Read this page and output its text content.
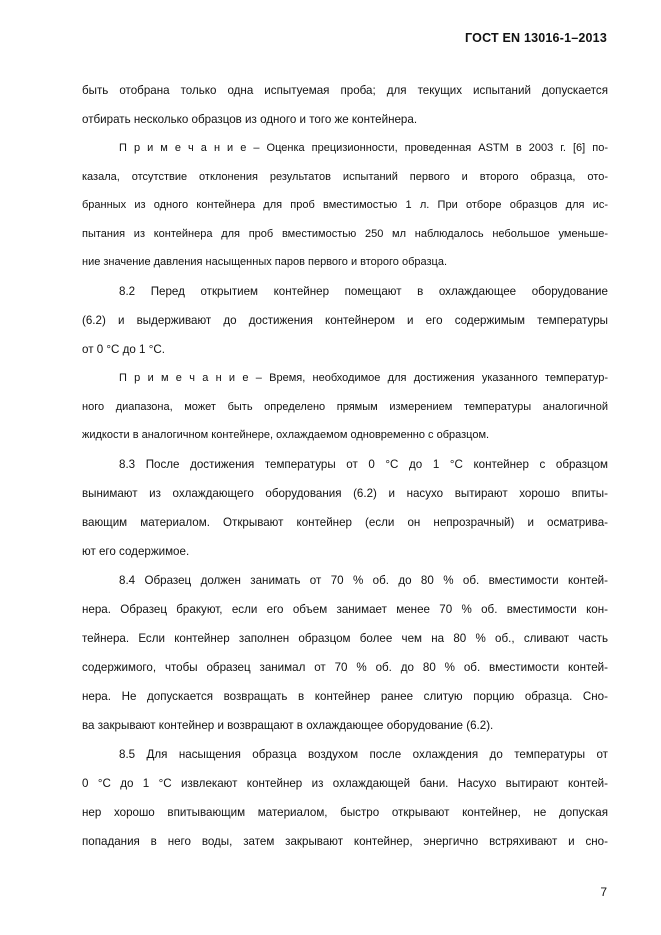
ГОСТ EN 13016-1–2013
быть отобрана только одна испытуемая проба; для текущих испытаний допускается
отбирать несколько образцов из одного и того же контейнера.
П р и м е ч а н и е – Оценка прецизионности, проведенная ASTM в 2003 г. [6] по-
казала, отсутствие отклонения результатов испытаний первого и второго образца, ото-
бранных из одного контейнера для проб вместимостью 1 л. При отборе образцов для ис-
пытания из контейнера для проб вместимостью 250 мл наблюдалось небольшое уменьше-
ние значение давления насыщенных паров первого и второго образца.
8.2 Перед открытием контейнер помещают в охлаждающее оборудование
(6.2) и выдерживают до достижения контейнером и его содержимым температуры
от 0 °С до 1 °С.
П р и м е ч а н и е – Время, необходимое для достижения указанного температур-
ного диапазона, может быть определено прямым измерением температуры аналогичной
жидкости в аналогичном контейнере, охлаждаемом одновременно с образцом.
8.3 После достижения температуры от 0 °С до 1 °С контейнер с образцом
вынимают из охлаждающего оборудования (6.2) и насухо вытирают хорошо впиты-
вающим материалом. Открывают контейнер (если он непрозрачный) и осматрива-
ют его содержимое.
8.4 Образец должен занимать от 70 % об. до 80 % об. вместимости контей-
нера. Образец бракуют, если его объем занимает менее 70 % об. вместимости кон-
тейнера. Если контейнер заполнен образцом более чем на 80 % об., сливают часть
содержимого, чтобы образец занимал от 70 % об. до 80 % об. вместимости контей-
нера. Не допускается возвращать в контейнер ранее слитую порцию образца. Сно-
ва закрывают контейнер и возвращают в охлаждающее оборудование (6.2).
8.5 Для насыщения образца воздухом после охлаждения до температуры от
0 °С до 1 °С извлекают контейнер из охлаждающей бани. Насухо вытирают контей-
нер хорошо впитывающим материалом, быстро открывают контейнер, не допуская
попадания в него воды, затем закрывают контейнер, энергично встряхивают и сно-
7
